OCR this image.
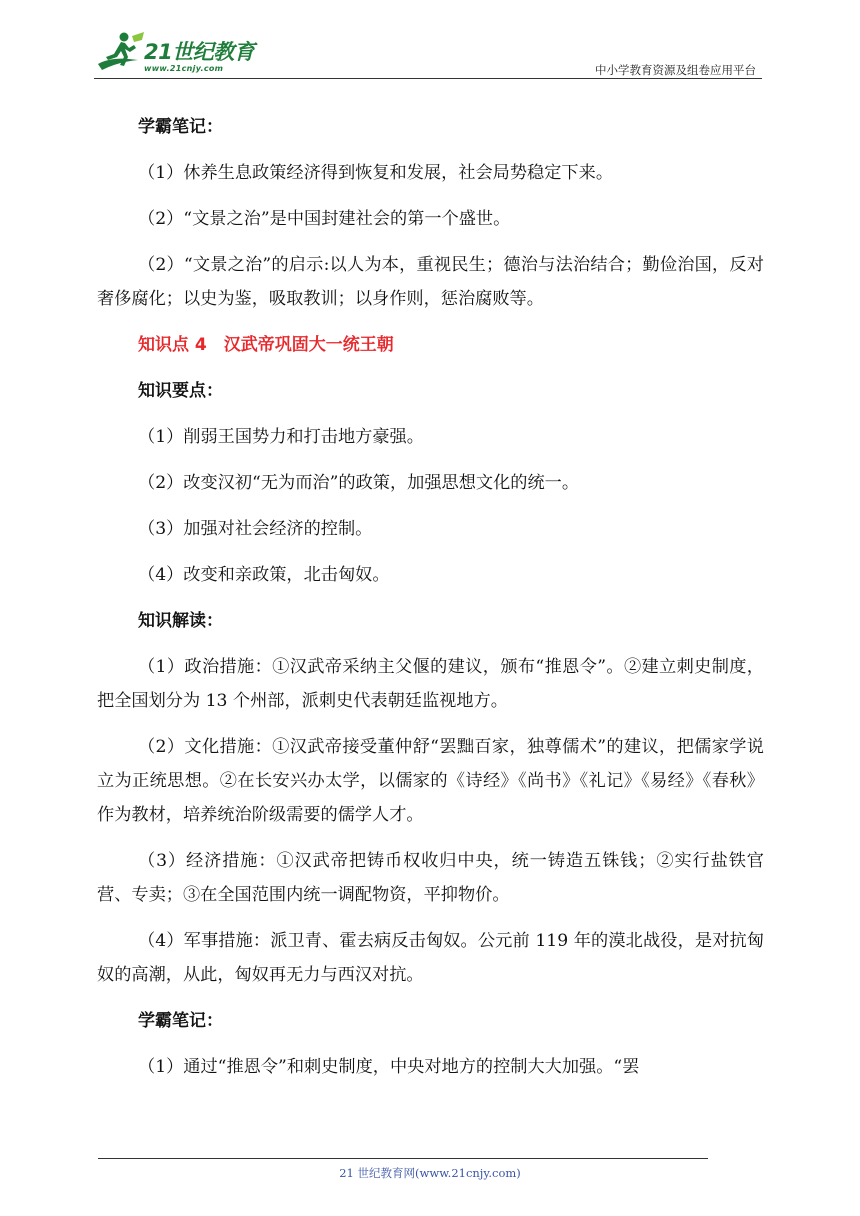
21世纪教育
www.21cnjy.com	中小学教育资源及组卷应用平台

学霸笔记：

（1）休养生息政策经济得到恢复和发展，社会局势稳定下来。

（2）“文景之治”是中国封建社会的第一个盛世。

（2）“文景之治”的启示:以人为本，重视民生；德治与法治结合；勤俭治国，反对奢侈腐化；以史为鉴，吸取教训；以身作则，惩治腐败等。

知识点 4　汉武帝巩固大一统王朝

知识要点：

（1）削弱王国势力和打击地方豪强。

（2）改变汉初“无为而治”的政策，加强思想文化的统一。

（3）加强对社会经济的控制。

（4）改变和亲政策，北击匈奴。

知识解读：

（1）政治措施：①汉武帝采纳主父偃的建议，颁布“推恩令”。②建立刺史制度，把全国划分为 13 个州部，派刺史代表朝廷监视地方。

（2）文化措施：①汉武帝接受董仲舒“罢黜百家，独尊儒术”的建议，把儒家学说立为正统思想。②在长安兴办太学，以儒家的《诗经》《尚书》《礼记》《易经》《春秋》作为教材，培养统治阶级需要的儒学人才。

（3）经济措施：①汉武帝把铸币权收归中央，统一铸造五铢钱；②实行盐铁官营、专卖；③在全国范围内统一调配物资，平抑物价。

（4）军事措施：派卫青、霍去病反击匈奴。公元前 119 年的漠北战役，是对抗匈奴的高潮，从此，匈奴再无力与西汉对抗。

学霸笔记：

（1）通过“推恩令”和刺史制度，中央对地方的控制大大加强。“罢

21 世纪教育网(www.21cnjy.com)
